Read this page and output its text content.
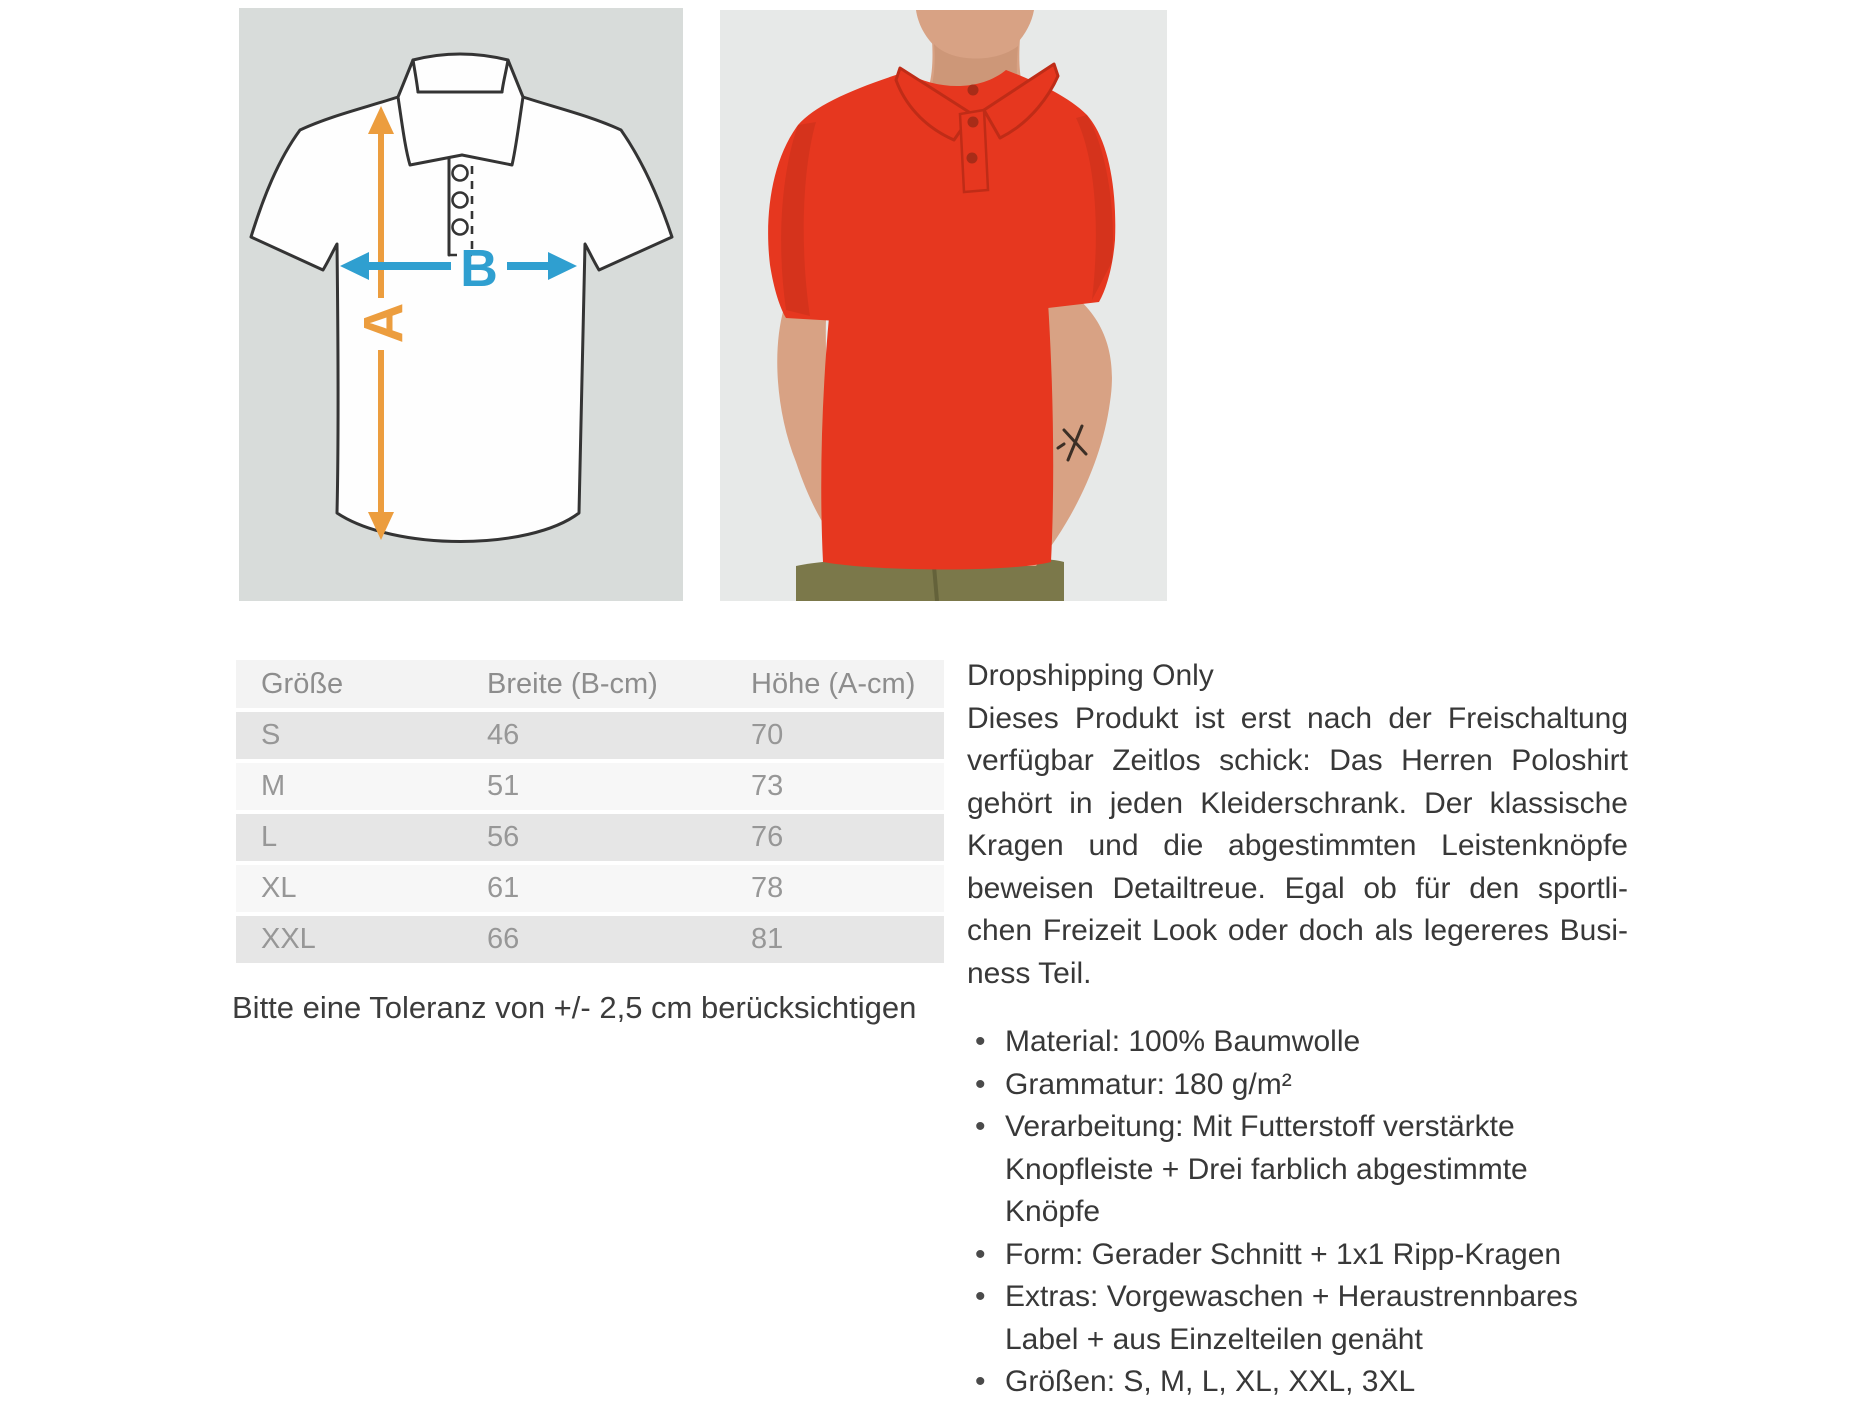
A
B
Größe	Breite (B-cm)	Höhe (A-cm)
S	46	70
M	51	73
L	56	76
XL	61	78
XXL	66	81
Bitte eine Toleranz von +/- 2,5 cm berücksichtigen
Dropshipping Only
Dieses Produkt ist erst nach der Freischaltung
verfügbar Zeitlos schick: Das Herren Poloshirt
gehört in jeden Kleiderschrank. Der klassische
Kragen und die abgestimmten Leistenknöpfe
beweisen Detailtreue. Egal ob für den sportli-
chen Freizeit Look oder doch als legereres Busi-
ness Teil.
• Material: 100% Baumwolle
• Grammatur: 180 g/m²
• Verarbeitung: Mit Futterstoff verstärkte Knopfleiste + Drei farblich abgestimmte Knöpfe
• Form: Gerader Schnitt + 1x1 Ripp-Kragen
• Extras: Vorgewaschen + Heraustrennbares Label + aus Einzelteilen genäht
• Größen: S, M, L, XL, XXL, 3XL
